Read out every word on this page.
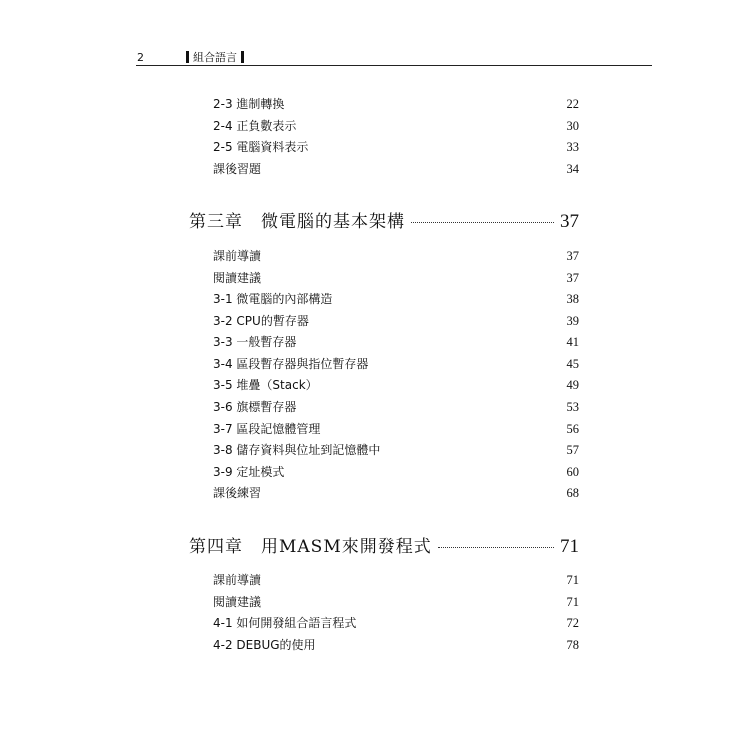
2	組合語言
2-3 進制轉換	22
2-4 正負數表示	30
2-5 電腦資料表示	33
課後習題	34
第三章　微電腦的基本架構	37
課前導讀	37
閱讀建議	37
3-1 微電腦的內部構造	38
3-2 CPU的暫存器	39
3-3 一般暫存器	41
3-4 區段暫存器與指位暫存器	45
3-5 堆疊（Stack）	49
3-6 旗標暫存器	53
3-7 區段記憶體管理	56
3-8 儲存資料與位址到記憶體中	57
3-9 定址模式	60
課後練習	68
第四章　用MASM來開發程式	71
課前導讀	71
閱讀建議	71
4-1 如何開發組合語言程式	72
4-2 DEBUG的使用	78
